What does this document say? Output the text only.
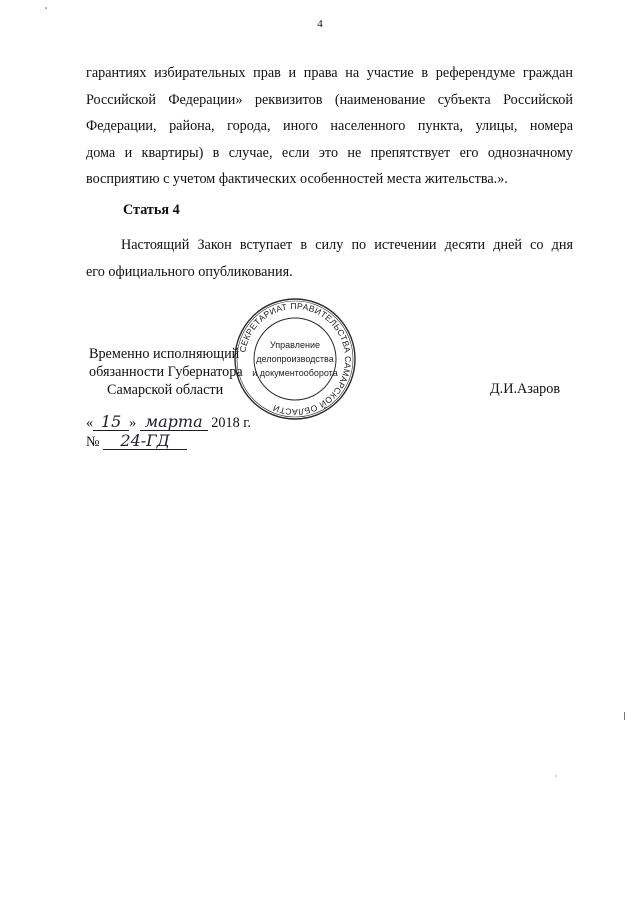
4
гарантиях избирательных прав и права на участие в референдуме граждан
Российской Федерации» реквизитов (наименование субъекта Российской
Федерации, района, города, иного населенного пункта, улицы, номера
дома и квартиры) в случае, если это не препятствует его однозначному
восприятию с учетом фактических особенностей места жительства.».
Статья 4
Настоящий Закон вступает в силу по истечении десяти дней со дня
его официального опубликования.
СЕКРЕТАРИАТ ПРАВИТЕЛЬСТВА САМАРСКОЙ ОБЛАСТИ
Управление
делопроизводства
и документооборота
Временно исполняющий
обязанности Губернатора
Самарской области	Д.И.Азаров
« 15 » марта 2018 г.
№ 24-ГД
